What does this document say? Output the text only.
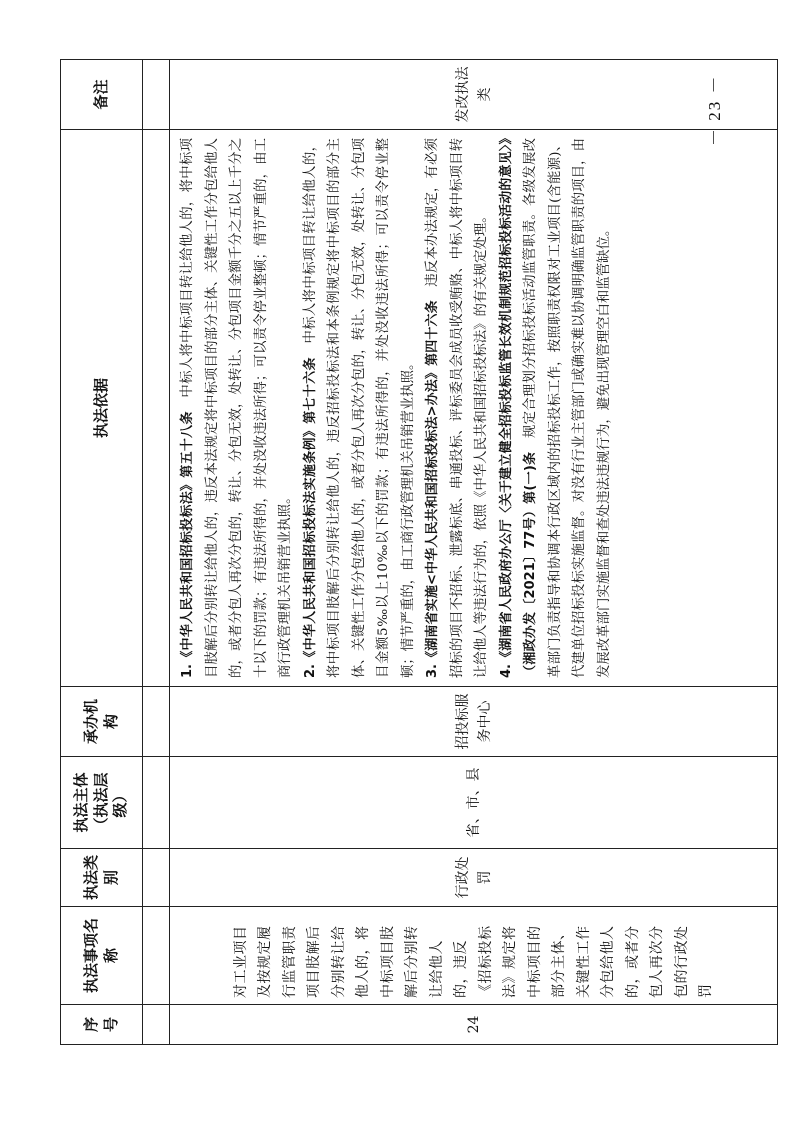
序号	执法事项名称	执法类别	执法主体（执法层级）	承办机构	执法依据	备注

24	对工业项目及按规定履行监管职责项目肢解后分别转让给他人的，将中标项目肢解后分别转让给他人的，违反《招标投标法》规定将中标项目的部分主体、关键性工作分包给他人的，或者分包人再次分包的行政处罚	行政处罚	省、市、县	招投标服务中心	1.《中华人民共和国招标投标法》第五十八条　中标人将中标项目转让给他人的，将中标项目肢解后分别转让给他人的，违反本法规定将中标项目的部分主体、关键性工作分包给他人的，或者分包人再次分包的，转让、分包无效，处转让、分包项目金额千分之五以上千分之十以下的罚款；有违法所得的，并处没收违法所得；可以责令停业整顿；情节严重的，由工商行政管理机关吊销营业执照。 2.《中华人民共和国招标投标法实施条例》第七十六条　中标人将中标项目转让给他人的，将中标项目肢解后分别转让给他人的，违反招标投标法和本条例规定将中标项目的部分主体、关键性工作分包给他人的，或者分包人再次分包的，转让、分包无效，处转让、分包项目金额5‰以上10‰以下的罚款；有违法所得的，并处没收违法所得；可以责令停业整顿；情节严重的，由工商行政管理机关吊销营业执照。 3.《湖南省实施<中华人民共和国招标投标法>办法》第四十六条　违反本办法规定，有必须招标的项目不招标、泄露标底、串通投标、评标委员会成员收受贿赂、中标人将中标项目转让给他人等违法行为的，依照《中华人民共和国招标投标法》的有关规定处理。 4.《湖南省人民政府办公厅〈关于建立健全招标投标监管长效机制规范招标投标活动的意见〉》（湘政办发〔2021〕77号）第(一)条　规定合理划分招标投标活动监管职责。各级发展改革部门负责指导和协调本行政区域内的招标投标工作，按照职责权限对工业项目(含能源)、代建单位招标投标实施监督。对没有行业主管部门或确实难以协调明确监管职责的项目，由发展改革部门实施监督和查处违法违规行为，避免出现管理空白和监管缺位。	发改执法类	－ 23 －
